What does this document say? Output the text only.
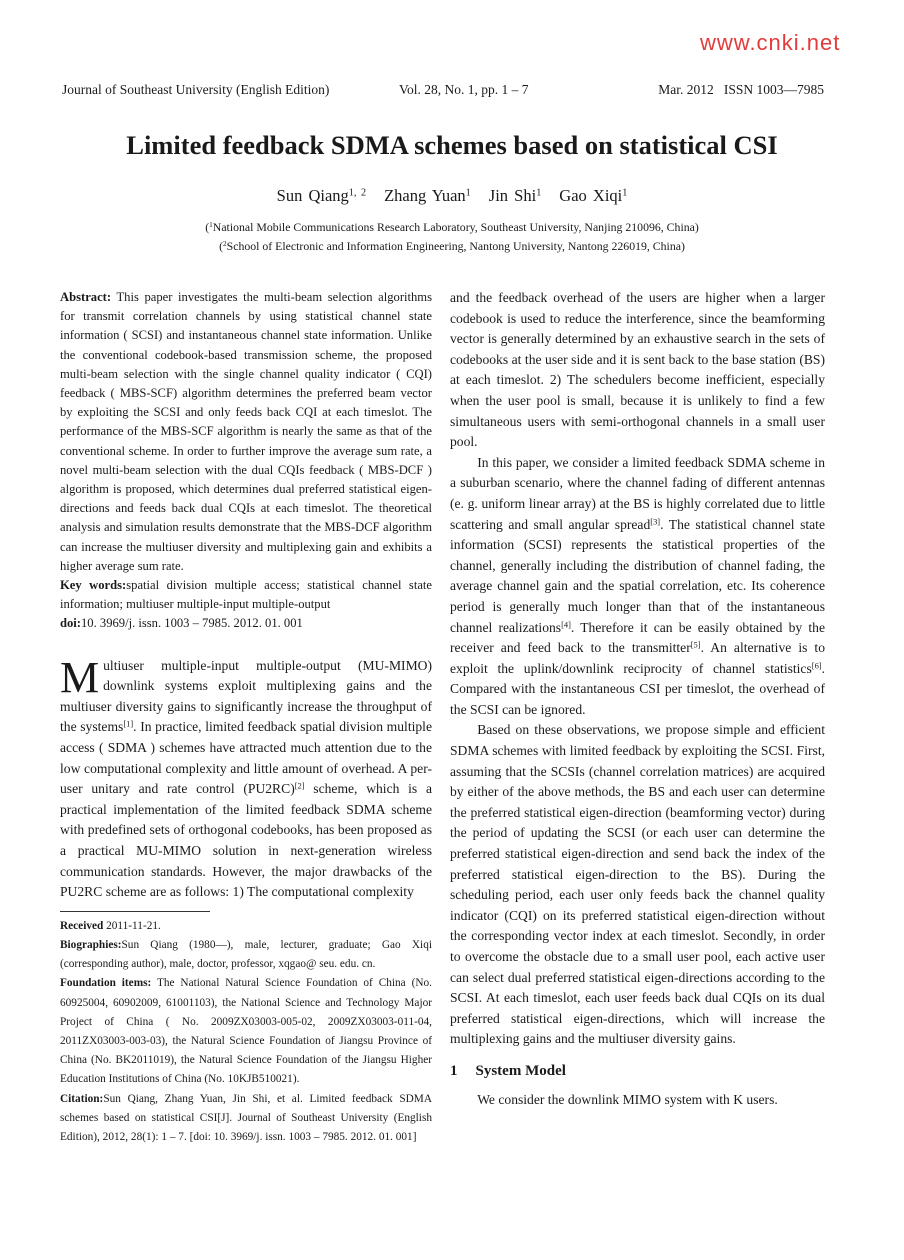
www.cnki.net
Journal of Southeast University (English Edition)	Vol. 28, No. 1, pp. 1 – 7	Mar. 2012   ISSN 1003—7985
Limited feedback SDMA schemes based on statistical CSI
Sun Qiang$^{1, 2}$ Zhang Yuan$^1$ Jin Shi$^1$ Gao Xiqi$^1$
($^1$National Mobile Communications Research Laboratory, Southeast University, Nanjing 210096, China)
($^2$School of Electronic and Information Engineering, Nantong University, Nantong 226019, China)

Abstract: This paper investigates the multi-beam selection algorithms for transmit correlation channels by using statistical channel state information ( SCSI) and instantaneous channel state information. Unlike the conventional codebook-based transmission scheme, the proposed multi-beam selection with the single channel quality indicator ( CQI) feedback ( MBS-SCF) algorithm determines the preferred beam vector by exploiting the SCSI and only feeds back CQI at each timeslot. The performance of the MBS-SCF algorithm is nearly the same as that of the conventional scheme. In order to further improve the average sum rate, a novel multi-beam selection with the dual CQIs feedback ( MBS-DCF ) algorithm is proposed, which determines dual preferred statistical eigen-directions and feeds back dual CQIs at each timeslot. The theoretical analysis and simulation results demonstrate that the MBS-DCF algorithm can increase the multiuser diversity and multiplexing gain and exhibits a higher average sum rate.

Key words:spatial division multiple access; statistical channel state information; multiuser multiple-input multiple-output

doi:10. 3969/j. issn. 1003 – 7985. 2012. 01. 001

Multiuser multiple-input multiple-output (MU-MIMO) downlink systems exploit multiplexing gains and the multiuser diversity gains to significantly increase the throughput of the systems[1]. In practice, limited feedback spatial division multiple access ( SDMA ) schemes have attracted much attention due to the low computational complexity and little amount of overhead. A per-user unitary and rate control (PU2RC)[2] scheme, which is a practical implementation of the limited feedback SDMA scheme with predefined sets of orthogonal codebooks, has been proposed as a practical MU-MIMO solution in next-generation wireless communication standards. However, the major drawbacks of the PU2RC scheme are as follows: 1) The computational complexity

Received 2011-11-21.

Biographies:Sun Qiang (1980—), male, lecturer, graduate; Gao Xiqi (corresponding author), male, doctor, professor, xqgao@ seu. edu. cn.

Foundation items: The National Natural Science Foundation of China (No. 60925004, 60902009, 61001103), the National Science and Technology Major Project of China ( No. 2009ZX03003-005-02, 2009ZX03003-011-04, 2011ZX03003-003-03), the Natural Science Foundation of Jiangsu Province of China (No. BK2011019), the Natural Science Foundation of the Jiangsu Higher Education Institutions of China (No. 10KJB510021).

Citation:Sun Qiang, Zhang Yuan, Jin Shi, et al. Limited feedback SDMA schemes based on statistical CSI[J]. Journal of Southeast University (English Edition), 2012, 28(1): 1 – 7. [doi: 10. 3969/j. issn. 1003 – 7985. 2012. 01. 001]

and the feedback overhead of the users are higher when a larger codebook is used to reduce the interference, since the beamforming vector is generally determined by an exhaustive search in the sets of codebooks at the user side and it is sent back to the base station (BS) at each timeslot. 2) The schedulers become inefficient, especially when the user pool is small, because it is unlikely to find a few simultaneous users with semi-orthogonal channels in a small user pool.

In this paper, we consider a limited feedback SDMA scheme in a suburban scenario, where the channel fading of different antennas (e. g. uniform linear array) at the BS is highly correlated due to little scattering and small angular spread[3]. The statistical channel state information (SCSI) represents the statistical properties of the channel, generally including the distribution of channel fading, the average channel gain and the spatial correlation, etc. Its coherence period is generally much longer than that of the instantaneous channel realizations[4]. Therefore it can be easily obtained by the receiver and feed back to the transmitter[5]. An alternative is to exploit the uplink/downlink reciprocity of channel statistics[6]. Compared with the instantaneous CSI per timeslot, the overhead of the SCSI can be ignored.

Based on these observations, we propose simple and efficient SDMA schemes with limited feedback by exploiting the SCSI. First, assuming that the SCSIs (channel correlation matrices) are acquired by either of the above methods, the BS and each user can determine the preferred statistical eigen-direction (beamforming vector) during the period of updating the SCSI (or each user can determine the preferred statistical eigen-direction and send back the index of the preferred statistical eigen-direction to the BS). During the scheduling period, each user only feeds back the channel quality indicator (CQI) on its preferred statistical eigen-direction without the corresponding vector index at each timeslot. Secondly, in order to overcome the obstacle due to a small user pool, each active user can select dual preferred statistical eigen-directions according to the SCSI. At each timeslot, each user feeds back dual CQIs on its dual preferred statistical eigen-directions, which will increase the multiplexing gains and the multiuser diversity gains.

1 System Model
We consider the downlink MIMO system with K users.
